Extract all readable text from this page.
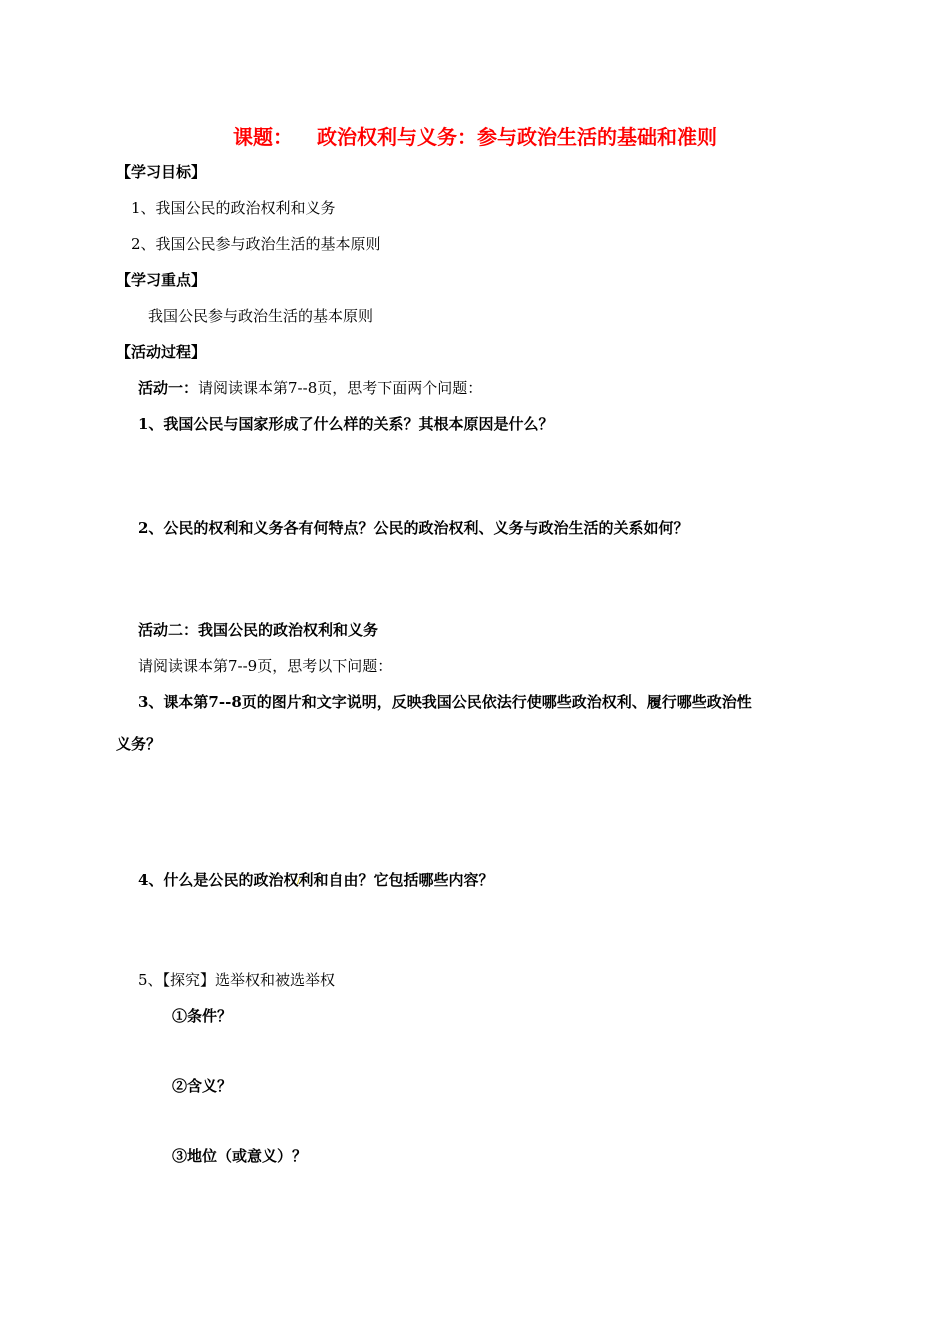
课题： 政治权利与义务：参与政治生活的基础和准则
【学习目标】
1、我国公民的政治权利和义务
2、我国公民参与政治生活的基本原则
【学习重点】
我国公民参与政治生活的基本原则
【活动过程】
活动一：请阅读课本第7--8页，思考下面两个问题：
1、我国公民与国家形成了什么样的关系？其根本原因是什么？
2、公民的权利和义务各有何特点？公民的政治权利、义务与政治生活的关系如何？
活动二：我国公民的政治权利和义务
请阅读课本第7--9页，思考以下问题：
3、课本第7--8页的图片和文字说明，反映我国公民依法行使哪些政治权利、履行哪些政治性
义务？
4、什么是公民的政治权利和自由？它包括哪些内容？
5、【探究】选举权和被选举权
①条件？
②含义？
③地位（或意义）？
